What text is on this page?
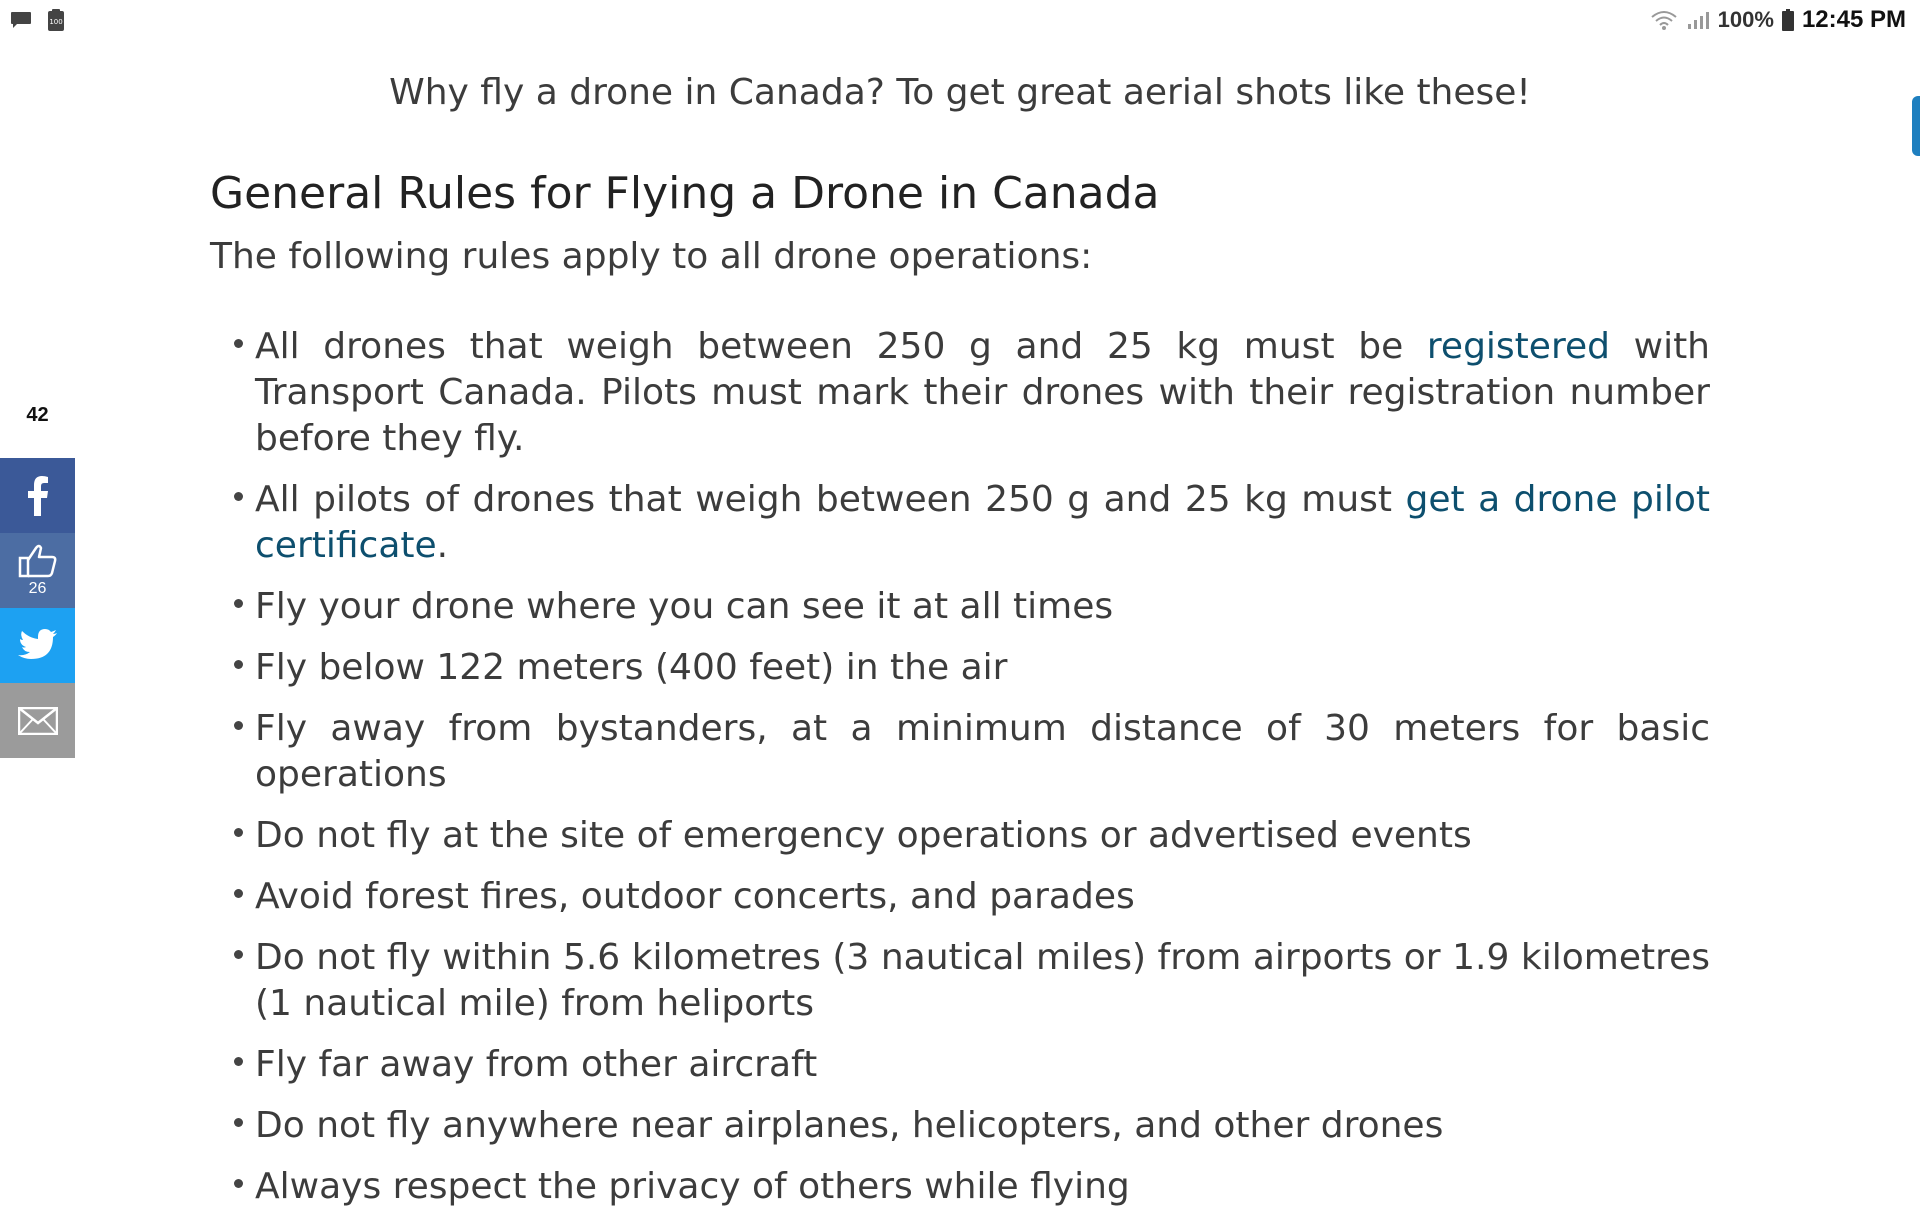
100	100% 12:45 PM
Why fly a drone in Canada? To get great aerial shots like these!
General Rules for Flying a Drone in Canada

The following rules apply to all drone operations:

All drones that weigh between 250 g and 25 kg must be registered with Transport Canada. Pilots must mark their drones with their registration number before they fly.
All pilots of drones that weigh between 250 g and 25 kg must get a drone pilot certificate.
Fly your drone where you can see it at all times
Fly below 122 meters (400 feet) in the air
Fly away from bystanders, at a minimum distance of 30 meters for basic operations
Do not fly at the site of emergency operations or advertised events
Avoid forest fires, outdoor concerts, and parades
Do not fly within 5.6 kilometres (3 nautical miles) from airports or 1.9 kilometres (1 nautical mile) from heliports
Fly far away from other aircraft
Do not fly anywhere near airplanes, helicopters, and other drones
Always respect the privacy of others while flying
42
26
